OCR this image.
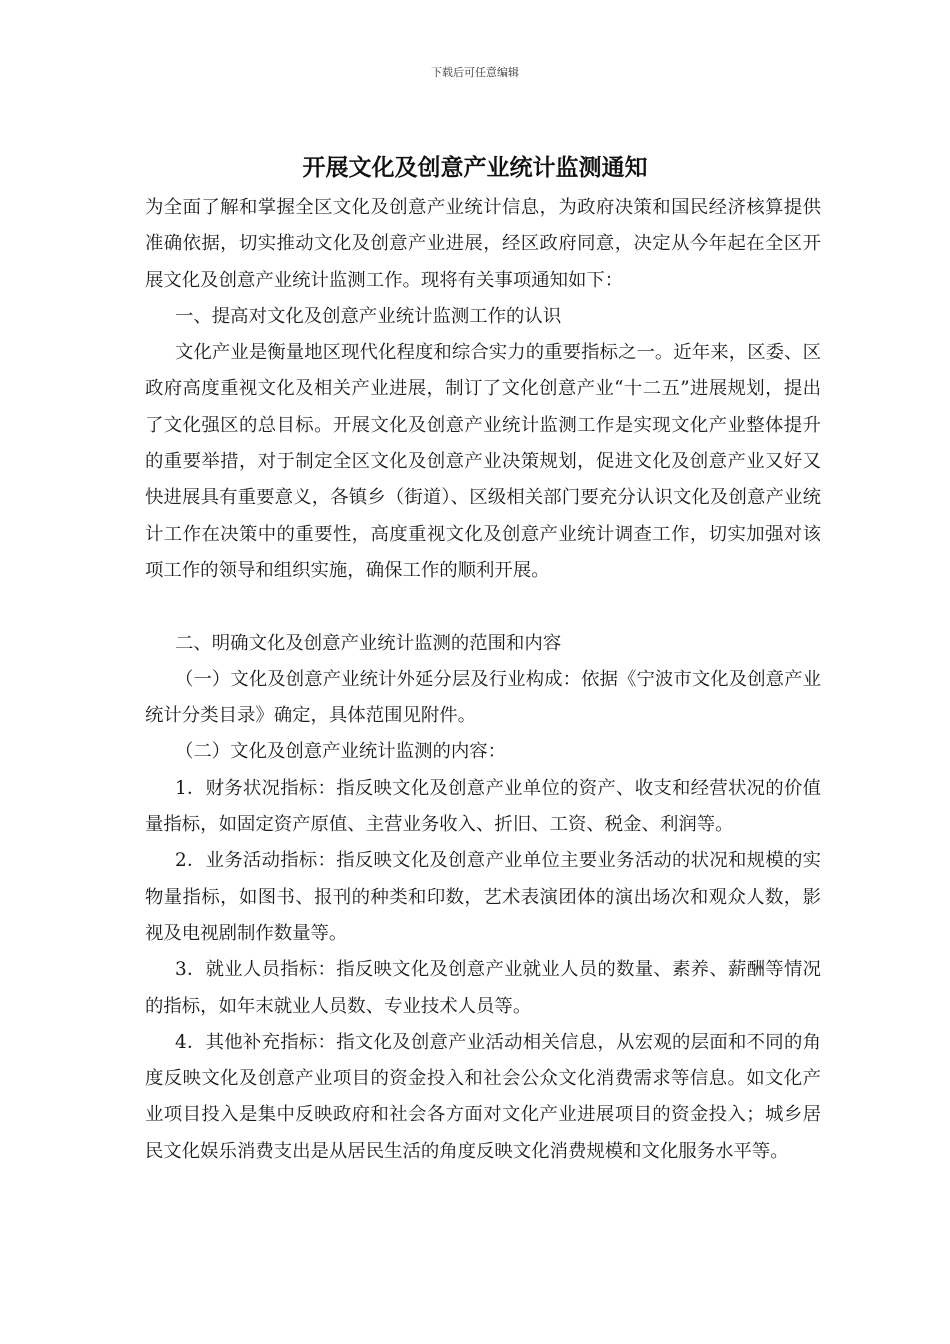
下载后可任意编辑
开展文化及创意产业统计监测通知

为全面了解和掌握全区文化及创意产业统计信息，为政府决策和国民经济核算提供准确依据，切实推动文化及创意产业进展，经区政府同意，决定从今年起在全区开展文化及创意产业统计监测工作。现将有关事项通知如下：

一、提高对文化及创意产业统计监测工作的认识

文化产业是衡量地区现代化程度和综合实力的重要指标之一。近年来，区委、区政府高度重视文化及相关产业进展，制订了文化创意产业“十二五”进展规划，提出了文化强区的总目标。开展文化及创意产业统计监测工作是实现文化产业整体提升的重要举措，对于制定全区文化及创意产业决策规划，促进文化及创意产业又好又快进展具有重要意义，各镇乡（街道）、区级相关部门要充分认识文化及创意产业统计工作在决策中的重要性，高度重视文化及创意产业统计调查工作，切实加强对该项工作的领导和组织实施，确保工作的顺利开展。

二、明确文化及创意产业统计监测的范围和内容

（一）文化及创意产业统计外延分层及行业构成：依据《宁波市文化及创意产业统计分类目录》确定，具体范围见附件。

（二）文化及创意产业统计监测的内容：

1．财务状况指标：指反映文化及创意产业单位的资产、收支和经营状况的价值量指标，如固定资产原值、主营业务收入、折旧、工资、税金、利润等。

2．业务活动指标：指反映文化及创意产业单位主要业务活动的状况和规模的实物量指标，如图书、报刊的种类和印数，艺术表演团体的演出场次和观众人数，影视及电视剧制作数量等。

3．就业人员指标：指反映文化及创意产业就业人员的数量、素养、薪酬等情况的指标，如年末就业人员数、专业技术人员等。

4．其他补充指标：指文化及创意产业活动相关信息，从宏观的层面和不同的角度反映文化及创意产业项目的资金投入和社会公众文化消费需求等信息。如文化产业项目投入是集中反映政府和社会各方面对文化产业进展项目的资金投入；城乡居民文化娱乐消费支出是从居民生活的角度反映文化消费规模和文化服务水平等。
